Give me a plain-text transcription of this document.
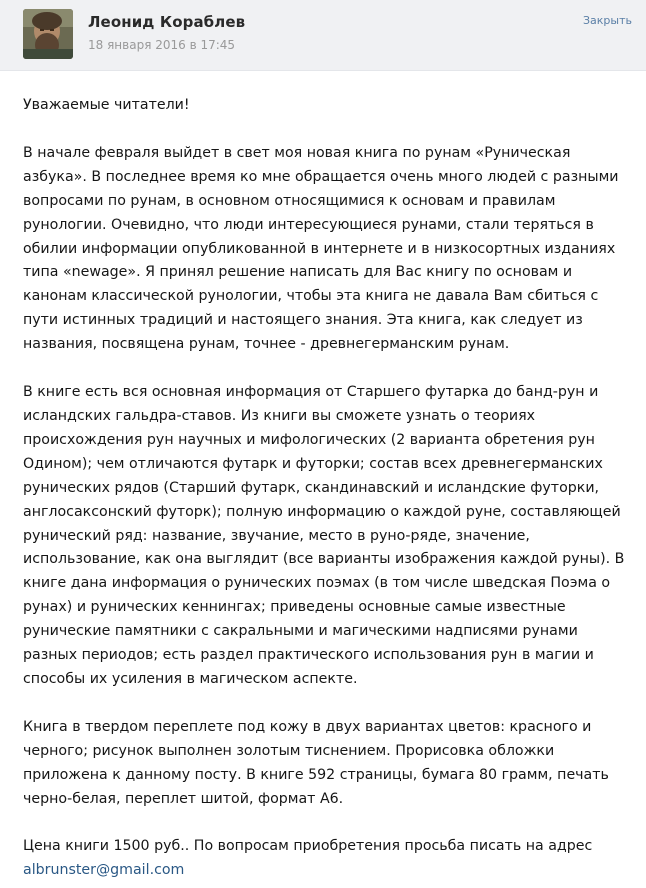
Леонид Кораблев
18 января 2016 в 17:45
Закрыть

Уважаемые читатели!

В начале февраля выйдет в свет моя новая книга по рунам «Руническая азбука». В последнее время ко мне обращается очень много людей с разными вопросами по рунам, в основном относящимися к основам и правилам рунологии. Очевидно, что люди интересующиеся рунами, стали теряться в обилии информации опубликованной в интернете и в низкосортных изданиях типа «newage». Я принял решение написать для Вас книгу по основам и канонам классической рунологии, чтобы эта книга не давала Вам сбиться с пути истинных традиций и настоящего знания. Эта книга, как следует из названия, посвящена рунам, точнее - древнегерманским рунам.

В книге есть вся основная информация от Старшего футарка до банд-рун и исландских гальдра-ставов. Из книги вы сможете узнать о теориях происхождения рун научных и мифологических (2 варианта обретения рун Одином); чем отличаются футарк и футорки; состав всех древнегерманских рунических рядов (Старший футарк, скандинавский и исландские футорки, англосаксонский футорк); полную информацию о каждой руне, составляющей рунический ряд: название, звучание, место в руно-ряде, значение, использование, как она выглядит (все варианты изображения каждой руны). В книге дана информация о рунических поэмах (в том числе шведская Поэма о рунах) и рунических кеннингах; приведены основные самые известные рунические памятники с сакральными и магическими надписями рунами разных периодов; есть раздел практического использования рун в магии и способы их усиления в магическом аспекте.

Книга в твердом переплете под кожу в двух вариантах цветов: красного и черного; рисунок выполнен золотым тиснением. Прорисовка обложки приложена к данному посту. В книге 592 страницы, бумага 80 грамм, печать черно-белая, переплет шитой, формат А6.

Цена книги 1500 руб.. По вопросам приобретения просьба писать на адрес albrunster@gmail.com
